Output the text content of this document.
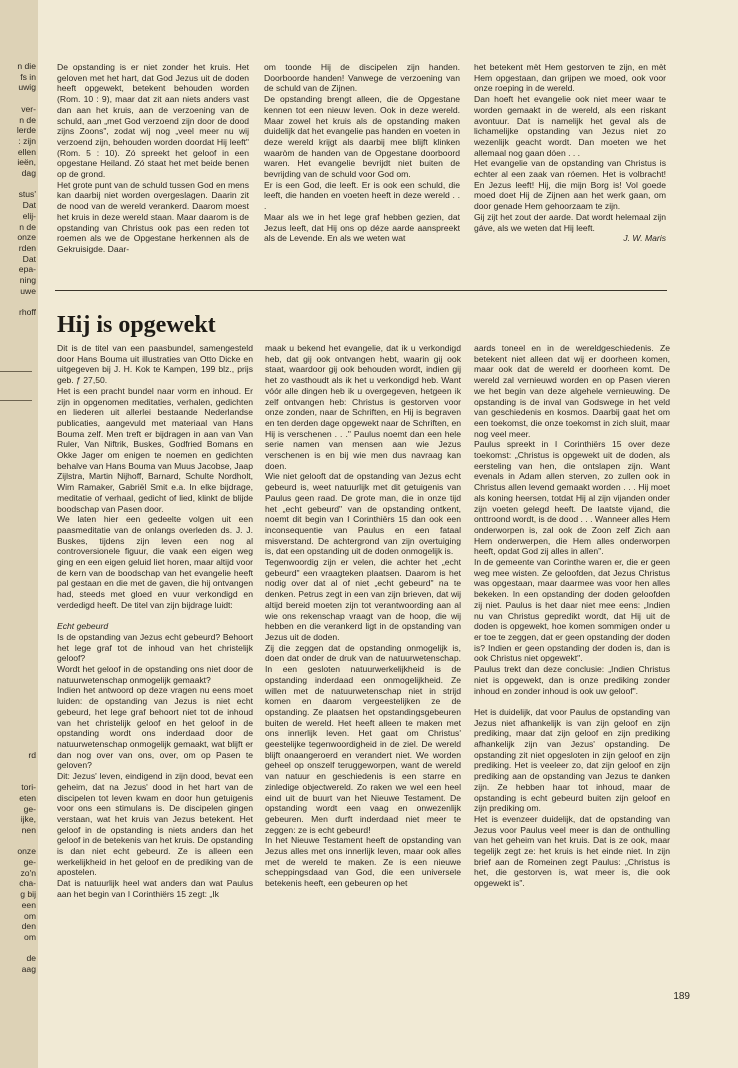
n die
fs in
uwig
ver-
n de
lerde
: zijn
ellen
ieën,
dag
stus'
Dat
elij-
n de
onze
rden
Dat
epa-
ning
uwe
rhoff
rd
tori-
eten
ge-
ijke,
nen
onze
ge-
zo'n
cha-
g bij
een
om
den
om
de
aag

De opstanding is er niet zonder het kruis. Het geloven met het hart, dat God Jezus uit de doden heeft opgewekt, betekent behouden worden (Rom. 10 : 9), maar dat zit aan niets anders vast dan aan het kruis, aan de verzoening van de schuld, aan „met God verzoend zijn door de dood zijns Zoons", zodat wij nog „veel meer nu wij verzoend zijn, behouden worden doordat Hij leeft" (Rom. 5 : 10). Zó spreekt het geloof in een opgestane Heiland. Zó staat het met beide benen op de grond.

Het grote punt van de schuld tussen God en mens kan daarbij niet worden overgeslagen. Daarin zit de nood van de wereld verankerd. Daarom moest het kruis in deze wereld staan. Maar daarom is de opstanding van Christus ook pas een reden tot roemen als we de Opgestane herkennen als de Gekruisigde. Daar-

om toonde Hij de discipelen zijn handen. Doorboorde handen! Vanwege de verzoening van de schuld van de Zijnen.

De opstanding brengt alleen, die de Opgestane kennen tot een nieuw leven. Ook in deze wereld. Maar zowel het kruis als de opstanding maken duidelijk dat het evangelie pas handen en voeten in deze wereld krijgt als daarbij mee blijft klinken waaròm de handen van de Opgestane doorboord waren. Het evangelie bevrijdt niet buiten de bevrijding van de schuld voor God om.

Er is een God, die leeft. Er is ook een schuld, die leeft, die handen en voeten heeft in deze wereld . . .

Maar als we in het lege graf hebben gezien, dat Jezus leeft, dat Hij ons op déze aarde aanspreekt als de Levende. En als we weten wat

het betekent mèt Hem gestorven te zijn, en mèt Hem opgestaan, dan grijpen we moed, ook voor onze roeping in de wereld.

Dan hoeft het evangelie ook niet meer waar te worden gemaakt in de wereld, als een riskant avontuur. Dat is namelijk het geval als de lichamelijke opstanding van Jezus niet zo wezenlijk geacht wordt. Dan moeten we het allemaal nog gaan dóen . . .

Het evangelie van de opstanding van Christus is echter al een zaak van róemen. Het is volbracht! En Jezus leeft! Hij, die mijn Borg is! Vol goede moed doet Hij de Zijnen aan het werk gaan, om door genade Hem gehoorzaam te zijn.

Gij zijt het zout der aarde. Dat wordt helemaal zijn gáve, als we weten dat Hij leeft.

J. W. Maris

Hij is opgewekt

Dit is de titel van een paasbundel, samengesteld door Hans Bouma uit illustraties van Otto Dicke en uitgegeven bij J. H. Kok te Kampen, 199 blz., prijs geb. ƒ 27,50.

Het is een pracht bundel naar vorm en inhoud. Er zijn in opgenomen meditaties, verhalen, gedichten en liederen uit allerlei bestaande Nederlandse publicaties, aangevuld met materiaal van Hans Bouma zelf. Men treft er bijdragen in aan van Van Ruler, Van Niftrik, Buskes, Godfried Bomans en Okke Jager om enigen te noemen en gedichten behalve van Hans Bouma van Muus Jacobse, Jaap Zijlstra, Martin Nijhoff, Barnard, Schulte Nordholt, Wim Ramaker, Gabriël Smit e.a. In elke bijdrage, meditatie of verhaal, gedicht of lied, klinkt de blijde boodschap van Pasen door.

We laten hier een gedeelte volgen uit een paasmeditatie van de onlangs overleden ds. J. J. Buskes, tijdens zijn leven een nog al controversionele figuur, die vaak een eigen weg ging en een eigen geluid liet horen, maar altijd voor de kern van de boodschap van het evangelie heeft pal gestaan en die met de gaven, die hij ontvangen had, steeds met gloed en vuur verkondigd en verdedigd heeft. De titel van zijn bijdrage luidt:

Echt gebeurd

Is de opstanding van Jezus echt gebeurd? Behoort het lege graf tot de inhoud van het christelijk geloof?

Wordt het geloof in de opstanding ons niet door de natuurwetenschap onmogelijk gemaakt?

Indien het antwoord op deze vragen nu eens moet luiden: de opstanding van Jezus is niet echt gebeurd, het lege graf behoort niet tot de inhoud van het christelijk geloof en het geloof in de opstanding wordt ons inderdaad door de natuurwetenschap onmogelijk gemaakt, wat blijft er dan nog over van ons, over, om op Pasen te geloven?

Dit: Jezus' leven, eindigend in zijn dood, bevat een geheim, dat na Jezus' dood in het hart van de discipelen tot leven kwam en door hun getuigenis voor ons een stimulans is. De discipelen gingen verstaan, wat het kruis van Jezus betekent. Het geloof in de opstanding is niets anders dan het geloof in de betekenis van het kruis. De opstanding is dan niet echt gebeurd. Ze is alleen een werkelijkheid in het geloof en de prediking van de apostelen.

Dat is natuurlijk heel wat anders dan wat Paulus aan het begin van I Corinthiërs 15 zegt: „Ik

maak u bekend het evangelie, dat ik u verkondigd heb, dat gij ook ontvangen hebt, waarin gij ook staat, waardoor gij ook behouden wordt, indien gij het zo vasthoudt als ik het u verkondigd heb. Want vóór alle dingen heb ik u overgegeven, hetgeen ik zelf ontvangen heb: Christus is gestorven voor onze zonden, naar de Schriften, en Hij is begraven en ten derden dage opgewekt naar de Schriften, en Hij is verschenen . . ." Paulus noemt dan een hele serie namen van mensen aan wie Jezus verschenen is en bij wie men dus navraag kan doen.

Wie niet gelooft dat de opstanding van Jezus echt gebeurd is, weet natuurlijk met dit getuigenis van Paulus geen raad. De grote man, die in onze tijd het „echt gebeurd" van de opstanding ontkent, noemt dit begin van I Corinthiërs 15 dan ook een inconsequentie van Paulus en een fataal misverstand. De achtergrond van zijn overtuiging is, dat een opstanding uit de doden onmogelijk is.

Tegenwoordig zijn er velen, die achter het „echt gebeurd" een vraagteken plaatsen. Daarom is het nodig over dat al of niet „echt gebeurd" na te denken. Petrus zegt in een van zijn brieven, dat wij altijd bereid moeten zijn tot verantwoording aan al wie ons rekenschap vraagt van de hoop, die wij hebben en die verankerd ligt in de opstanding van Jezus uit de doden.

Zij die zeggen dat de opstanding onmogelijk is, doen dat onder de druk van de natuurwetenschap. In een gesloten natuurwerkelijkheid is de opstanding inderdaad een onmogelijkheid. Ze willen met de natuurwetenschap niet in strijd komen en daarom vergeestelijken ze de opstanding. Ze plaatsen het opstandingsgebeuren buiten de wereld. Het heeft alleen te maken met ons innerlijk leven. Het gaat om Christus' geestelijke tegenwoordigheid in de ziel. De wereld blijft onaangeroerd en verandert niet. We worden geheel op onszelf teruggeworpen, want de wereld van natuur en geschiedenis is een starre en zinledige objectwereld. Zo raken we wel een heel eind uit de buurt van het Nieuwe Testament. De opstanding wordt een vaag en onwezenlijk gebeuren. Men durft inderdaad niet meer te zeggen: ze is echt gebeurd!

In het Nieuwe Testament heeft de opstanding van Jezus alles met ons innerlijk leven, maar ook alles met de wereld te maken. Ze is een nieuwe scheppingsdaad van God, die een universele betekenis heeft, een gebeuren op het

aards toneel en in de wereldgeschiedenis. Ze betekent niet alleen dat wij er doorheen komen, maar ook dat de wereld er doorheen komt. De wereld zal vernieuwd worden en op Pasen vieren we het begin van deze algehele vernieuwing. De opstanding is de inval van Godswege in het veld van geschiedenis en kosmos. Daarbij gaat het om een toekomst, die onze toekomst in zich sluit, maar nog veel meer.

Paulus spreekt in I Corinthiërs 15 over deze toekomst: „Christus is opgewekt uit de doden, als eersteling van hen, die ontslapen zijn. Want evenals in Adam allen sterven, zo zullen ook in Christus allen levend gemaakt worden . . . Hij moet als koning heersen, totdat Hij al zijn vijanden onder zijn voeten gelegd heeft. De laatste vijand, die onttroond wordt, is de dood . . . Wanneer alles Hem onderworpen is, zal ook de Zoon zelf Zich aan Hem onderwerpen, die Hem alles onderworpen heeft, opdat God zij alles in allen".

In de gemeente van Corinthe waren er, die er geen weg mee wisten. Ze geloofden, dat Jezus Christus was opgestaan, maar daarmee was voor hen alles bekeken. In een opstanding der doden geloofden zij niet. Paulus is het daar niet mee eens: „Indien nu van Christus gepredikt wordt, dat Hij uit de doden is opgewekt, hoe komen sommigen onder u er toe te zeggen, dat er geen opstanding der doden is? Indien er geen opstanding der doden is, dan is ook Christus niet opgewekt".

Paulus trekt dan deze conclusie: „Indien Christus niet is opgewekt, dan is onze prediking zonder inhoud en zonder inhoud is ook uw geloof".

Het is duidelijk, dat voor Paulus de opstanding van Jezus niet afhankelijk is van zijn geloof en zijn prediking, maar dat zijn geloof en zijn prediking afhankelijk zijn van Jezus' opstanding. De opstanding zit niet opgesloten in zijn geloof en zijn prediking. Het is veeleer zo, dat zijn geloof en zijn prediking aan de opstanding van Jezus te danken zijn. Ze hebben haar tot inhoud, maar de opstanding is echt gebeurd buiten zijn geloof en zijn prediking om.

Het is evenzeer duidelijk, dat de opstanding van Jezus voor Paulus veel meer is dan de onthulling van het geheim van het kruis. Dat is ze ook, maar tegelijk zegt ze: het kruis is het einde niet. In zijn brief aan de Romeinen zegt Paulus: „Christus is het, die gestorven is, wat meer is, die ook opgewekt is".

189
